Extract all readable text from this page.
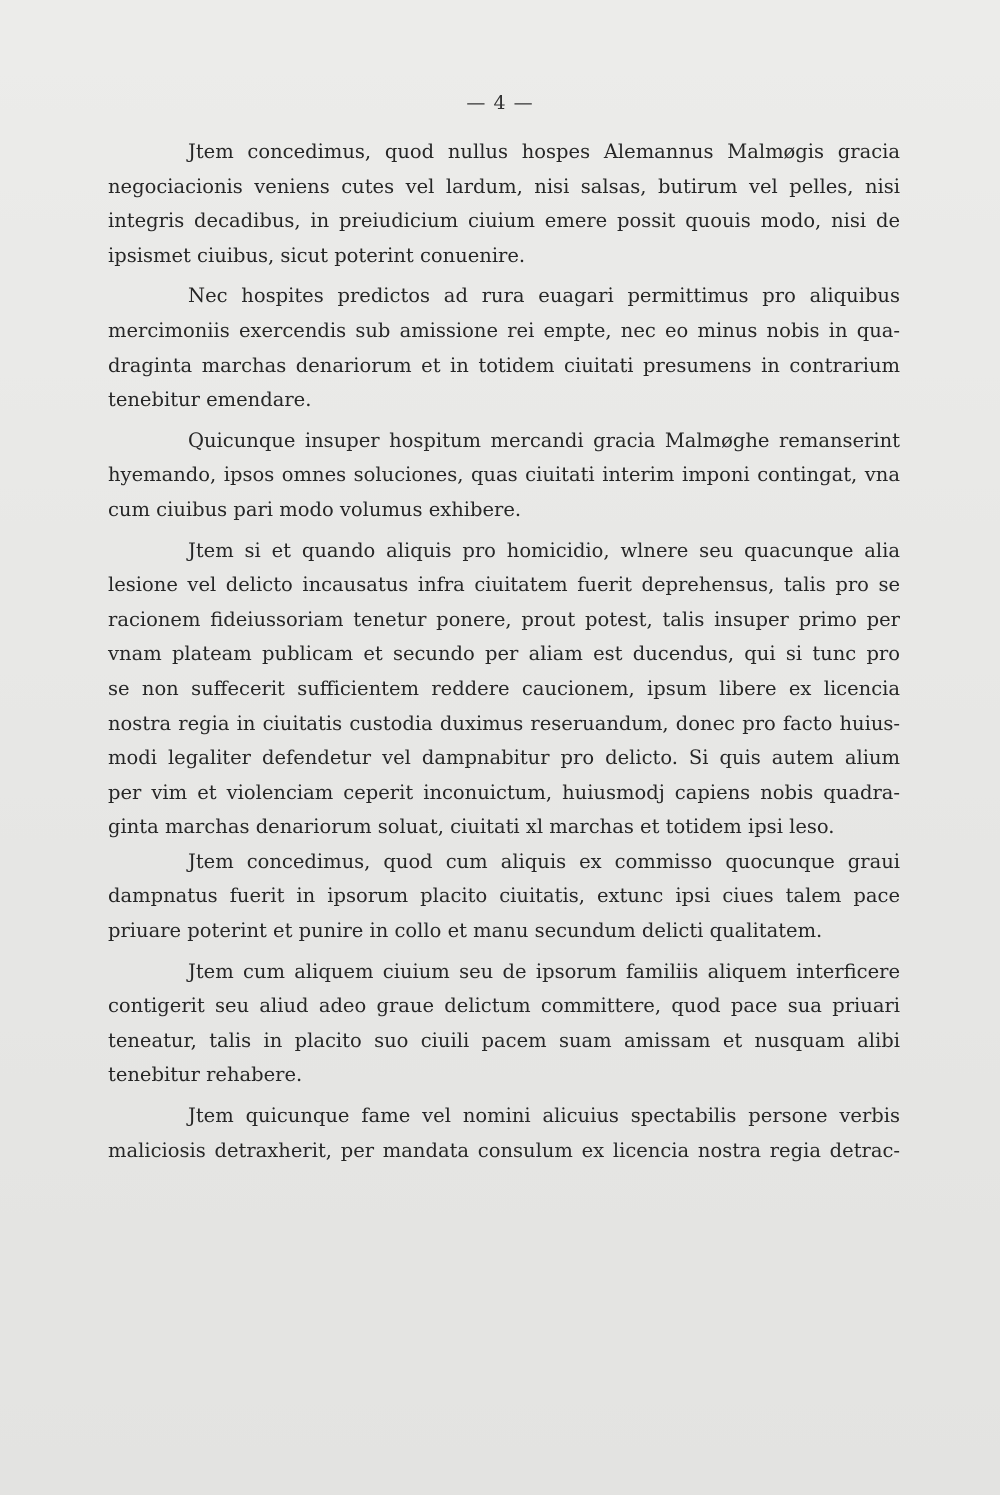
— 4 —

Jtem concedimus, quod nullus hospes Alemannus Malmøgis gracia
negociacionis veniens cutes vel lardum, nisi salsas, butirum vel pelles, nisi
integris decadibus, in preiudicium ciuium emere possit quouis modo, nisi de
ipsismet ciuibus, sicut poterint conuenire.

Nec hospites predictos ad rura euagari permittimus pro aliquibus
mercimoniis exercendis sub amissione rei empte, nec eo minus nobis in qua-
draginta marchas denariorum et in totidem ciuitati presumens in contrarium
tenebitur emendare.

Quicunque insuper hospitum mercandi gracia Malmøghe remanserint
hyemando, ipsos omnes soluciones, quas ciuitati interim imponi contingat, vna
cum ciuibus pari modo volumus exhibere.

Jtem si et quando aliquis pro homicidio, wlnere seu quacunque alia
lesione vel delicto incausatus infra ciuitatem fuerit deprehensus, talis pro se
racionem fideiussoriam tenetur ponere, prout potest, talis insuper primo per
vnam plateam publicam et secundo per aliam est ducendus, qui si tunc pro
se non suffecerit sufficientem reddere caucionem, ipsum libere ex licencia
nostra regia in ciuitatis custodia duximus reseruandum, donec pro facto huius-
modi legaliter defendetur vel dampnabitur pro delicto. Si quis autem alium
per vim et violenciam ceperit inconuictum, huiusmodj capiens nobis quadra-
ginta marchas denariorum soluat, ciuitati xl marchas et totidem ipsi leso.

Jtem concedimus, quod cum aliquis ex commisso quocunque graui
dampnatus fuerit in ipsorum placito ciuitatis, extunc ipsi ciues talem pace
priuare poterint et punire in collo et manu secundum delicti qualitatem.

Jtem cum aliquem ciuium seu de ipsorum familiis aliquem interficere
contigerit seu aliud adeo graue delictum committere, quod pace sua priuari
teneatur, talis in placito suo ciuili pacem suam amissam et nusquam alibi
tenebitur rehabere.

Jtem quicunque fame vel nomini alicuius spectabilis persone verbis
maliciosis detraxherit, per mandata consulum ex licencia nostra regia detrac-
